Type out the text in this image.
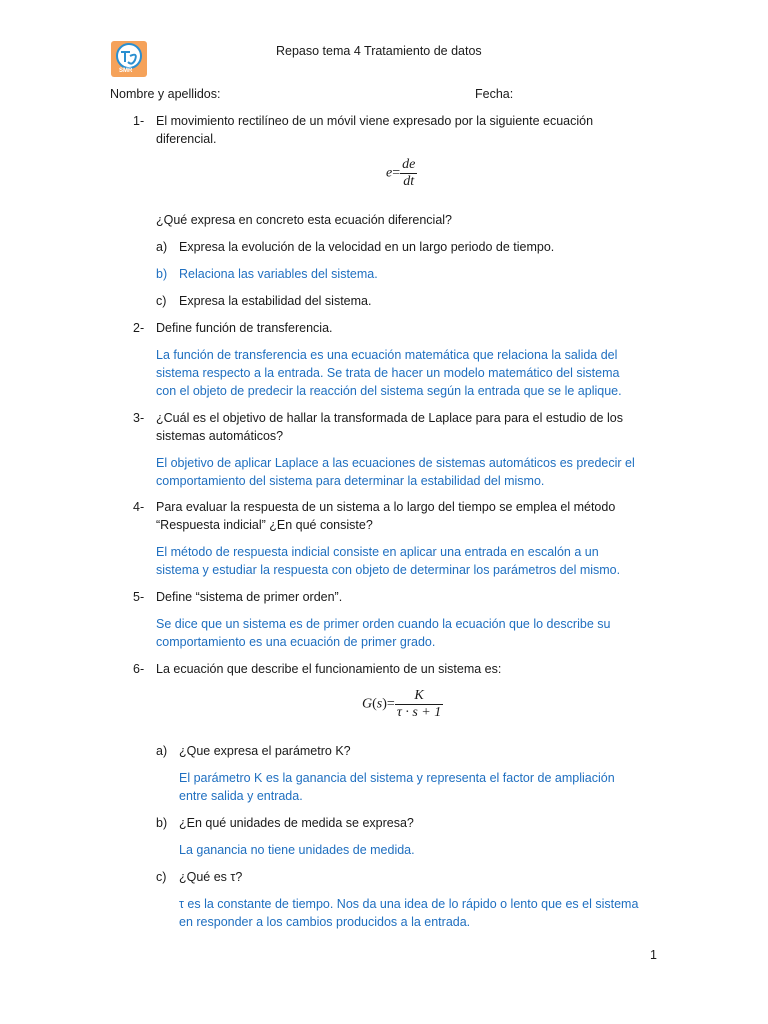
SMR
Repaso tema 4 Tratamiento de datos
Nombre y apellidos:	Fecha:
1- El movimiento rectilíneo de un móvil viene expresado por la siguiente ecuación
diferencial.
$e= \frac{de}{dt}$
¿Qué expresa en concreto esta ecuación diferencial?
a) Expresa la evolución de la velocidad en un largo periodo de tiempo.
b) Relaciona las variables del sistema.
c) Expresa la estabilidad del sistema.
2- Define función de transferencia.
La función de transferencia es una ecuación matemática que relaciona la salida del
sistema respecto a la entrada. Se trata de hacer un modelo matemático del sistema
con el objeto de predecir la reacción del sistema según la entrada que se le aplique.
3- ¿Cuál es el objetivo de hallar la transformada de Laplace para para el estudio de los
sistemas automáticos?
El objetivo de aplicar Laplace a las ecuaciones de sistemas automáticos es predecir el
comportamiento del sistema para determinar la estabilidad del mismo.
4- Para evaluar la respuesta de un sistema a lo largo del tiempo se emplea el método
“Respuesta indicial” ¿En qué consiste?
El método de respuesta indicial consiste en aplicar una entrada en escalón a un
sistema y estudiar la respuesta con objeto de determinar los parámetros del mismo.
5- Define “sistema de primer orden”.
Se dice que un sistema es de primer orden cuando la ecuación que lo describe su
comportamiento es una ecuación de primer grado.
6- La ecuación que describe el funcionamiento de un sistema es:
$G(s)= \frac{K}{\tau \cdot s + 1}$
a) ¿Que expresa el parámetro K?
El parámetro K es la ganancia del sistema y representa el factor de ampliación
entre salida y entrada.
b) ¿En qué unidades de medida se expresa?
La ganancia no tiene unidades de medida.
c) ¿Qué es τ?
τ es la constante de tiempo. Nos da una idea de lo rápido o lento que es el sistema
en responder a los cambios producidos a la entrada.
1
